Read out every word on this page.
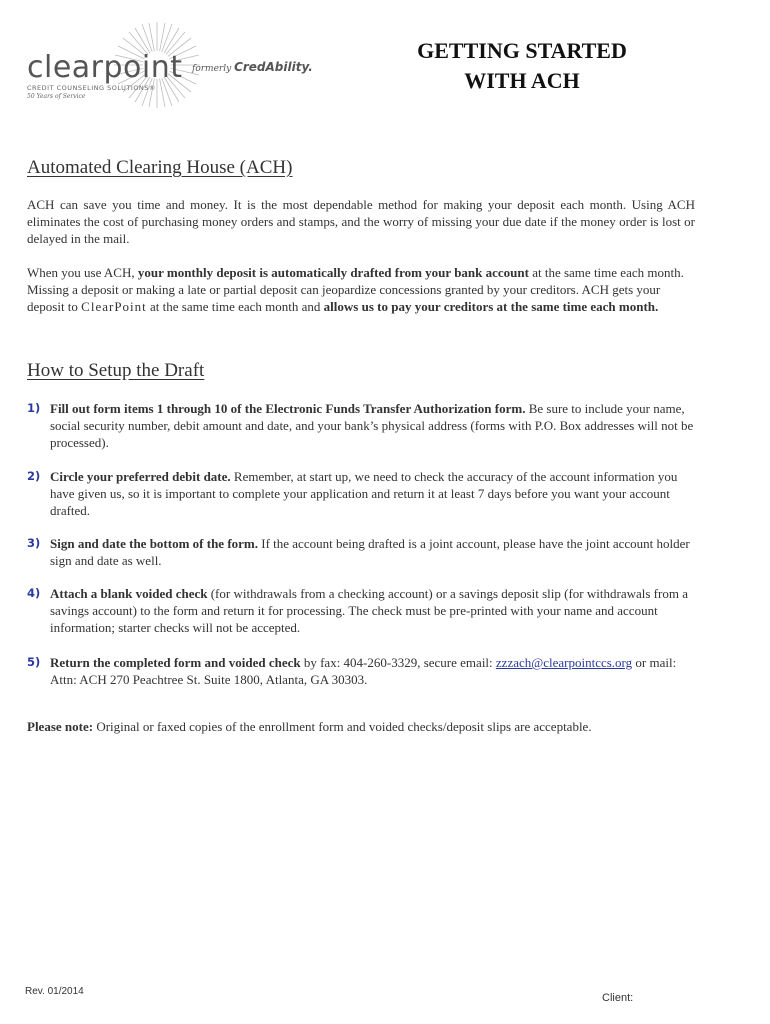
clearpoint
CREDIT COUNSELING SOLUTIONS®
50 Years of Service
formerly CredAbility.
GETTING STARTED
WITH ACH
Automated Clearing House (ACH)

ACH can save you time and money. It is the most dependable method for making your deposit each month. Using ACH eliminates the cost of purchasing money orders and stamps, and the worry of missing your due date if the money order is lost or delayed in the mail.

When you use ACH, your monthly deposit is automatically drafted from your bank account at the same time each month. Missing a deposit or making a late or partial deposit can jeopardize concessions granted by your creditors. ACH gets your deposit to ClearPoint at the same time each month and allows us to pay your creditors at the same time each month.

How to Setup the Draft
1) Fill out form items 1 through 10 of the Electronic Funds Transfer Authorization form. Be sure to include your name, social security number, debit amount and date, and your bank’s physical address (forms with P.O. Box addresses will not be processed).
2) Circle your preferred debit date. Remember, at start up, we need to check the accuracy of the account information you have given us, so it is important to complete your application and return it at least 7 days before you want your account drafted.
3) Sign and date the bottom of the form. If the account being drafted is a joint account, please have the joint account holder sign and date as well.
4) Attach a blank voided check (for withdrawals from a checking account) or a savings deposit slip (for withdrawals from a savings account) to the form and return it for processing. The check must be pre-printed with your name and account information; starter checks will not be accepted.
5) Return the completed form and voided check by fax: 404-260-3329, secure email: zzzach@clearpointccs.org or mail: Attn: ACH 270 Peachtree St. Suite 1800, Atlanta, GA 30303.

Please note: Original or faxed copies of the enrollment form and voided checks/deposit slips are acceptable.

Rev. 01/2014
Client:
